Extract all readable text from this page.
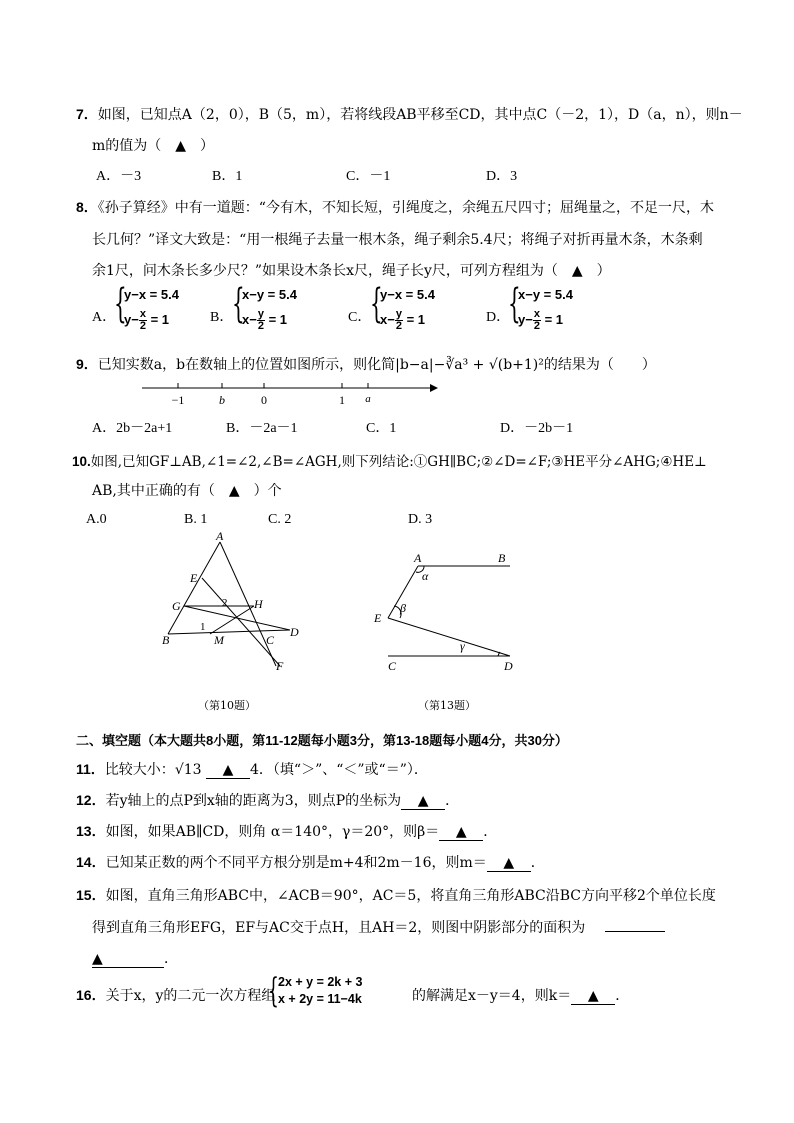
7．如图，已知点A（2，0），B（5，m），若将线段AB平移至CD，其中点C（－2，1），D（a，n），则n－
m的值为（　▲　）
A．－3	B．1	C．－1	D．3
8．《孙子算经》中有一道题：“今有木，不知长短，引绳度之，余绳五尺四寸；屈绳量之，不足一尺，木
长几何？”译文大致是：“用一根绳子去量一根木条，绳子剩余5.4尺；将绳子对折再量木条，木条剩
余1尺，问木条长多少尺？”如果设木条长x尺，绳子长y尺，可列方程组为（　▲　）
A．
{
y−x = 5.4
$y- \frac{x}{2} = 1$	B．
{
x−y = 5.4
$x- \frac{y}{2} = 1$	C．
{
y−x = 5.4
$x- \frac{y}{2} = 1$	D．
{
x−y = 5.4
$y- \frac{x}{2} = 1$
9．已知实数a，b在数轴上的位置如图所示，则化简|b−a|−∛a³ + √(b+1)²的结果为（　　）
−1	b	0	1 a
A．2b－2a+1	B．－2a－1	C．1	D．－2b－1
10.如图,已知GF⊥AB,∠1=∠2,∠B=∠AGH,则下列结论:①GH∥BC;②∠D=∠F;③HE平分∠AHG;④HE⊥
AB,其中正确的有（　▲　）个
A.0	B. 1	C. 2	D. 3
A
E
G	2 H
B
1
M	C
D
F
（第10题）
A	B
α
E
β
γ
C	D
（第13题）
二、填空题（本大题共8小题，第11-12题每小题3分，第13-18题每小题4分，共30分）
11．比较大小：√13 ▲ 4．（填“＞”、“＜”或“＝”）．
12．若y轴上的点P到x轴的距离为3，则点P的坐标为 ▲ ．
13．如图，如果AB∥CD，则角 α＝140°，γ＝20°，则β＝ ▲ ．
14．已知某正数的两个不同平方根分别是m+4和2m－16，则m＝ ▲ ．
15．如图，直角三角形ABC中，∠ACB＝90°，AC＝5，将直角三角形ABC沿BC方向平移2个单位长度
得到直角三角形EFG，EF与AC交于点H，且AH＝2，则图中阴影部分的面积为
▲	．
16．关于x，y的二元一次方程组
{ 2x + y = 2k + 3
x + 2y = 11−4k	的解满足x－y＝4，则k＝ ▲ ．
